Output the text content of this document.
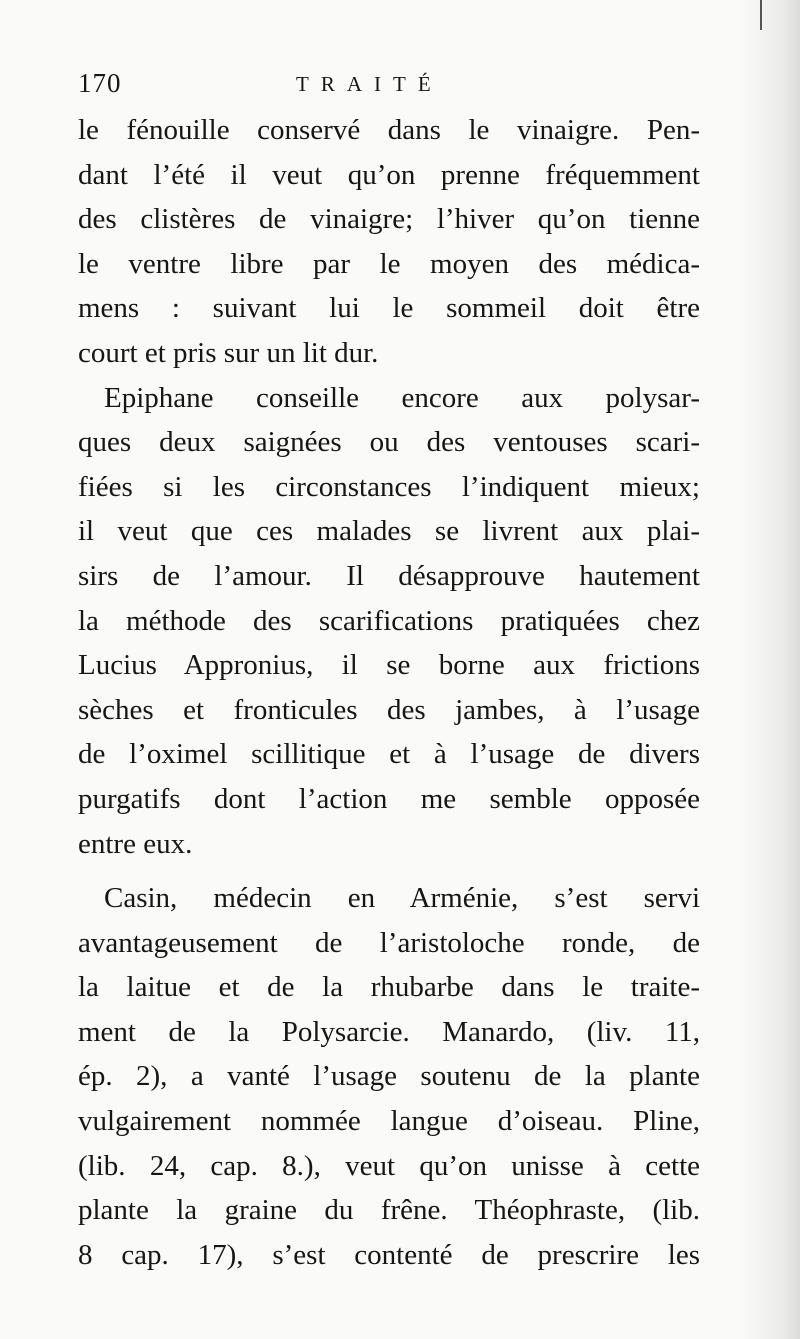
170	TRAITÉ
le fénouille conservé dans le vinaigre. Pen-
dant l’été il veut qu’on prenne fréquemment
des clistères de vinaigre; l’hiver qu’on tienne
le ventre libre par le moyen des médica-
mens : suivant lui le sommeil doit être
court et pris sur un lit dur.
Epiphane conseille encore aux polysar-
ques deux saignées ou des ventouses scari-
fiées si les circonstances l’indiquent mieux;
il veut que ces malades se livrent aux plai-
sirs de l’amour. Il désapprouve hautement
la méthode des scarifications pratiquées chez
Lucius Appronius, il se borne aux frictions
sèches et fronticules des jambes, à l’usage
de l’oximel scillitique et à l’usage de divers
purgatifs dont l’action me semble opposée
entre eux.
Casin, médecin en Arménie, s’est servi
avantageusement de l’aristoloche ronde, de
la laitue et de la rhubarbe dans le traite-
ment de la Polysarcie. Manardo, (liv. 11,
ép. 2), a vanté l’usage soutenu de la plante
vulgairement nommée langue d’oiseau. Pline,
(lib. 24, cap. 8.), veut qu’on unisse à cette
plante la graine du frêne. Théophraste, (lib.
8 cap. 17), s’est contenté de prescrire les
